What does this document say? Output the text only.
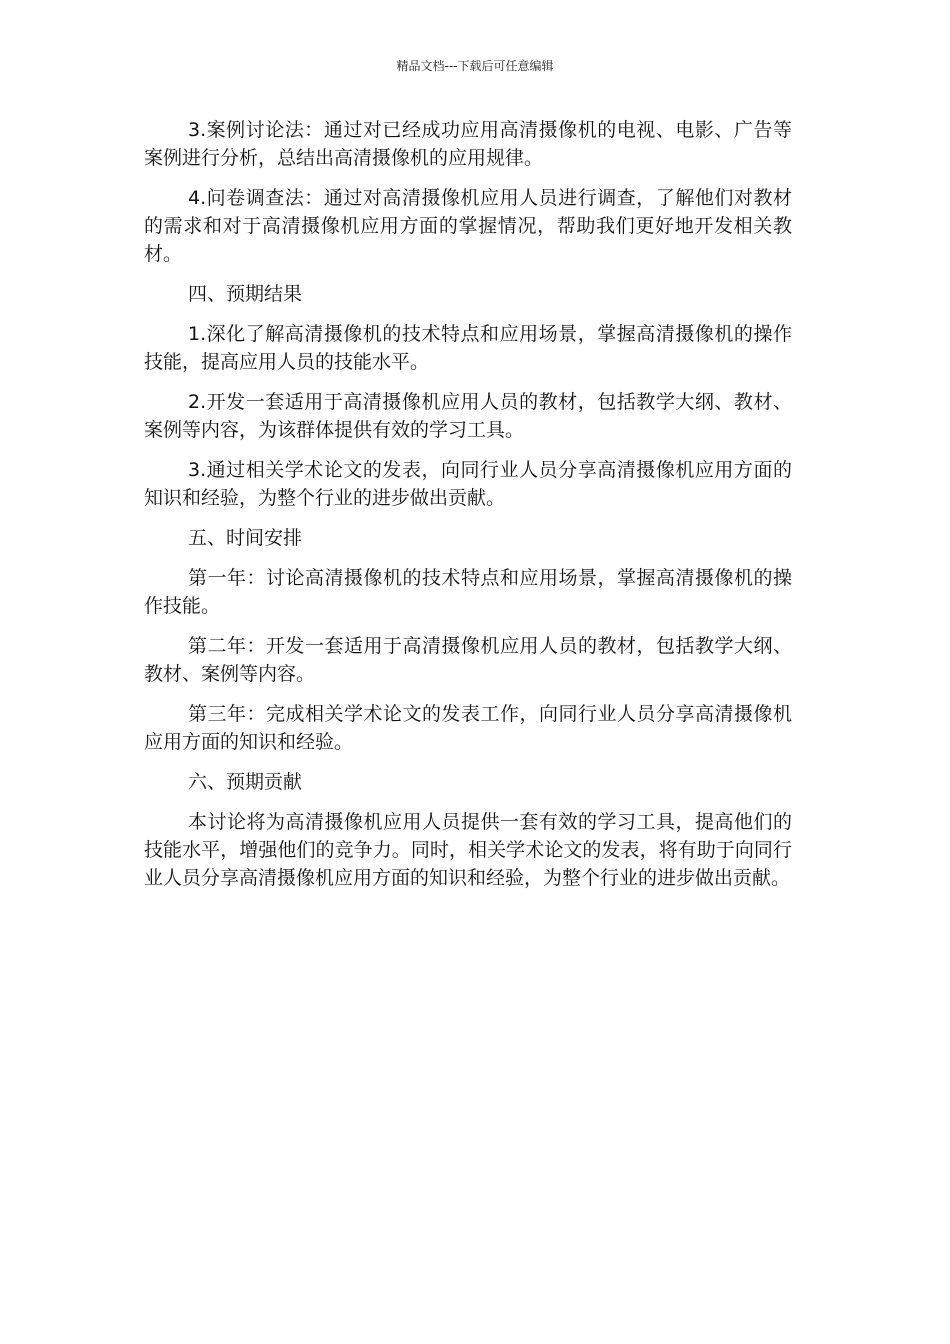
精品文档---下载后可任意编辑

3.案例讨论法：通过对已经成功应用高清摄像机的电视、电影、广告等案例进行分析，总结出高清摄像机的应用规律。

4.问卷调查法：通过对高清摄像机应用人员进行调查，了解他们对教材的需求和对于高清摄像机应用方面的掌握情况，帮助我们更好地开发相关教材。

四、预期结果

1.深化了解高清摄像机的技术特点和应用场景，掌握高清摄像机的操作技能，提高应用人员的技能水平。

2.开发一套适用于高清摄像机应用人员的教材，包括教学大纲、教材、案例等内容，为该群体提供有效的学习工具。

3.通过相关学术论文的发表，向同行业人员分享高清摄像机应用方面的知识和经验，为整个行业的进步做出贡献。

五、时间安排

第一年：讨论高清摄像机的技术特点和应用场景，掌握高清摄像机的操作技能。

第二年：开发一套适用于高清摄像机应用人员的教材，包括教学大纲、教材、案例等内容。

第三年：完成相关学术论文的发表工作，向同行业人员分享高清摄像机应用方面的知识和经验。

六、预期贡献

本讨论将为高清摄像机应用人员提供一套有效的学习工具，提高他们的技能水平，增强他们的竞争力。同时，相关学术论文的发表，将有助于向同行业人员分享高清摄像机应用方面的知识和经验，为整个行业的进步做出贡献。
